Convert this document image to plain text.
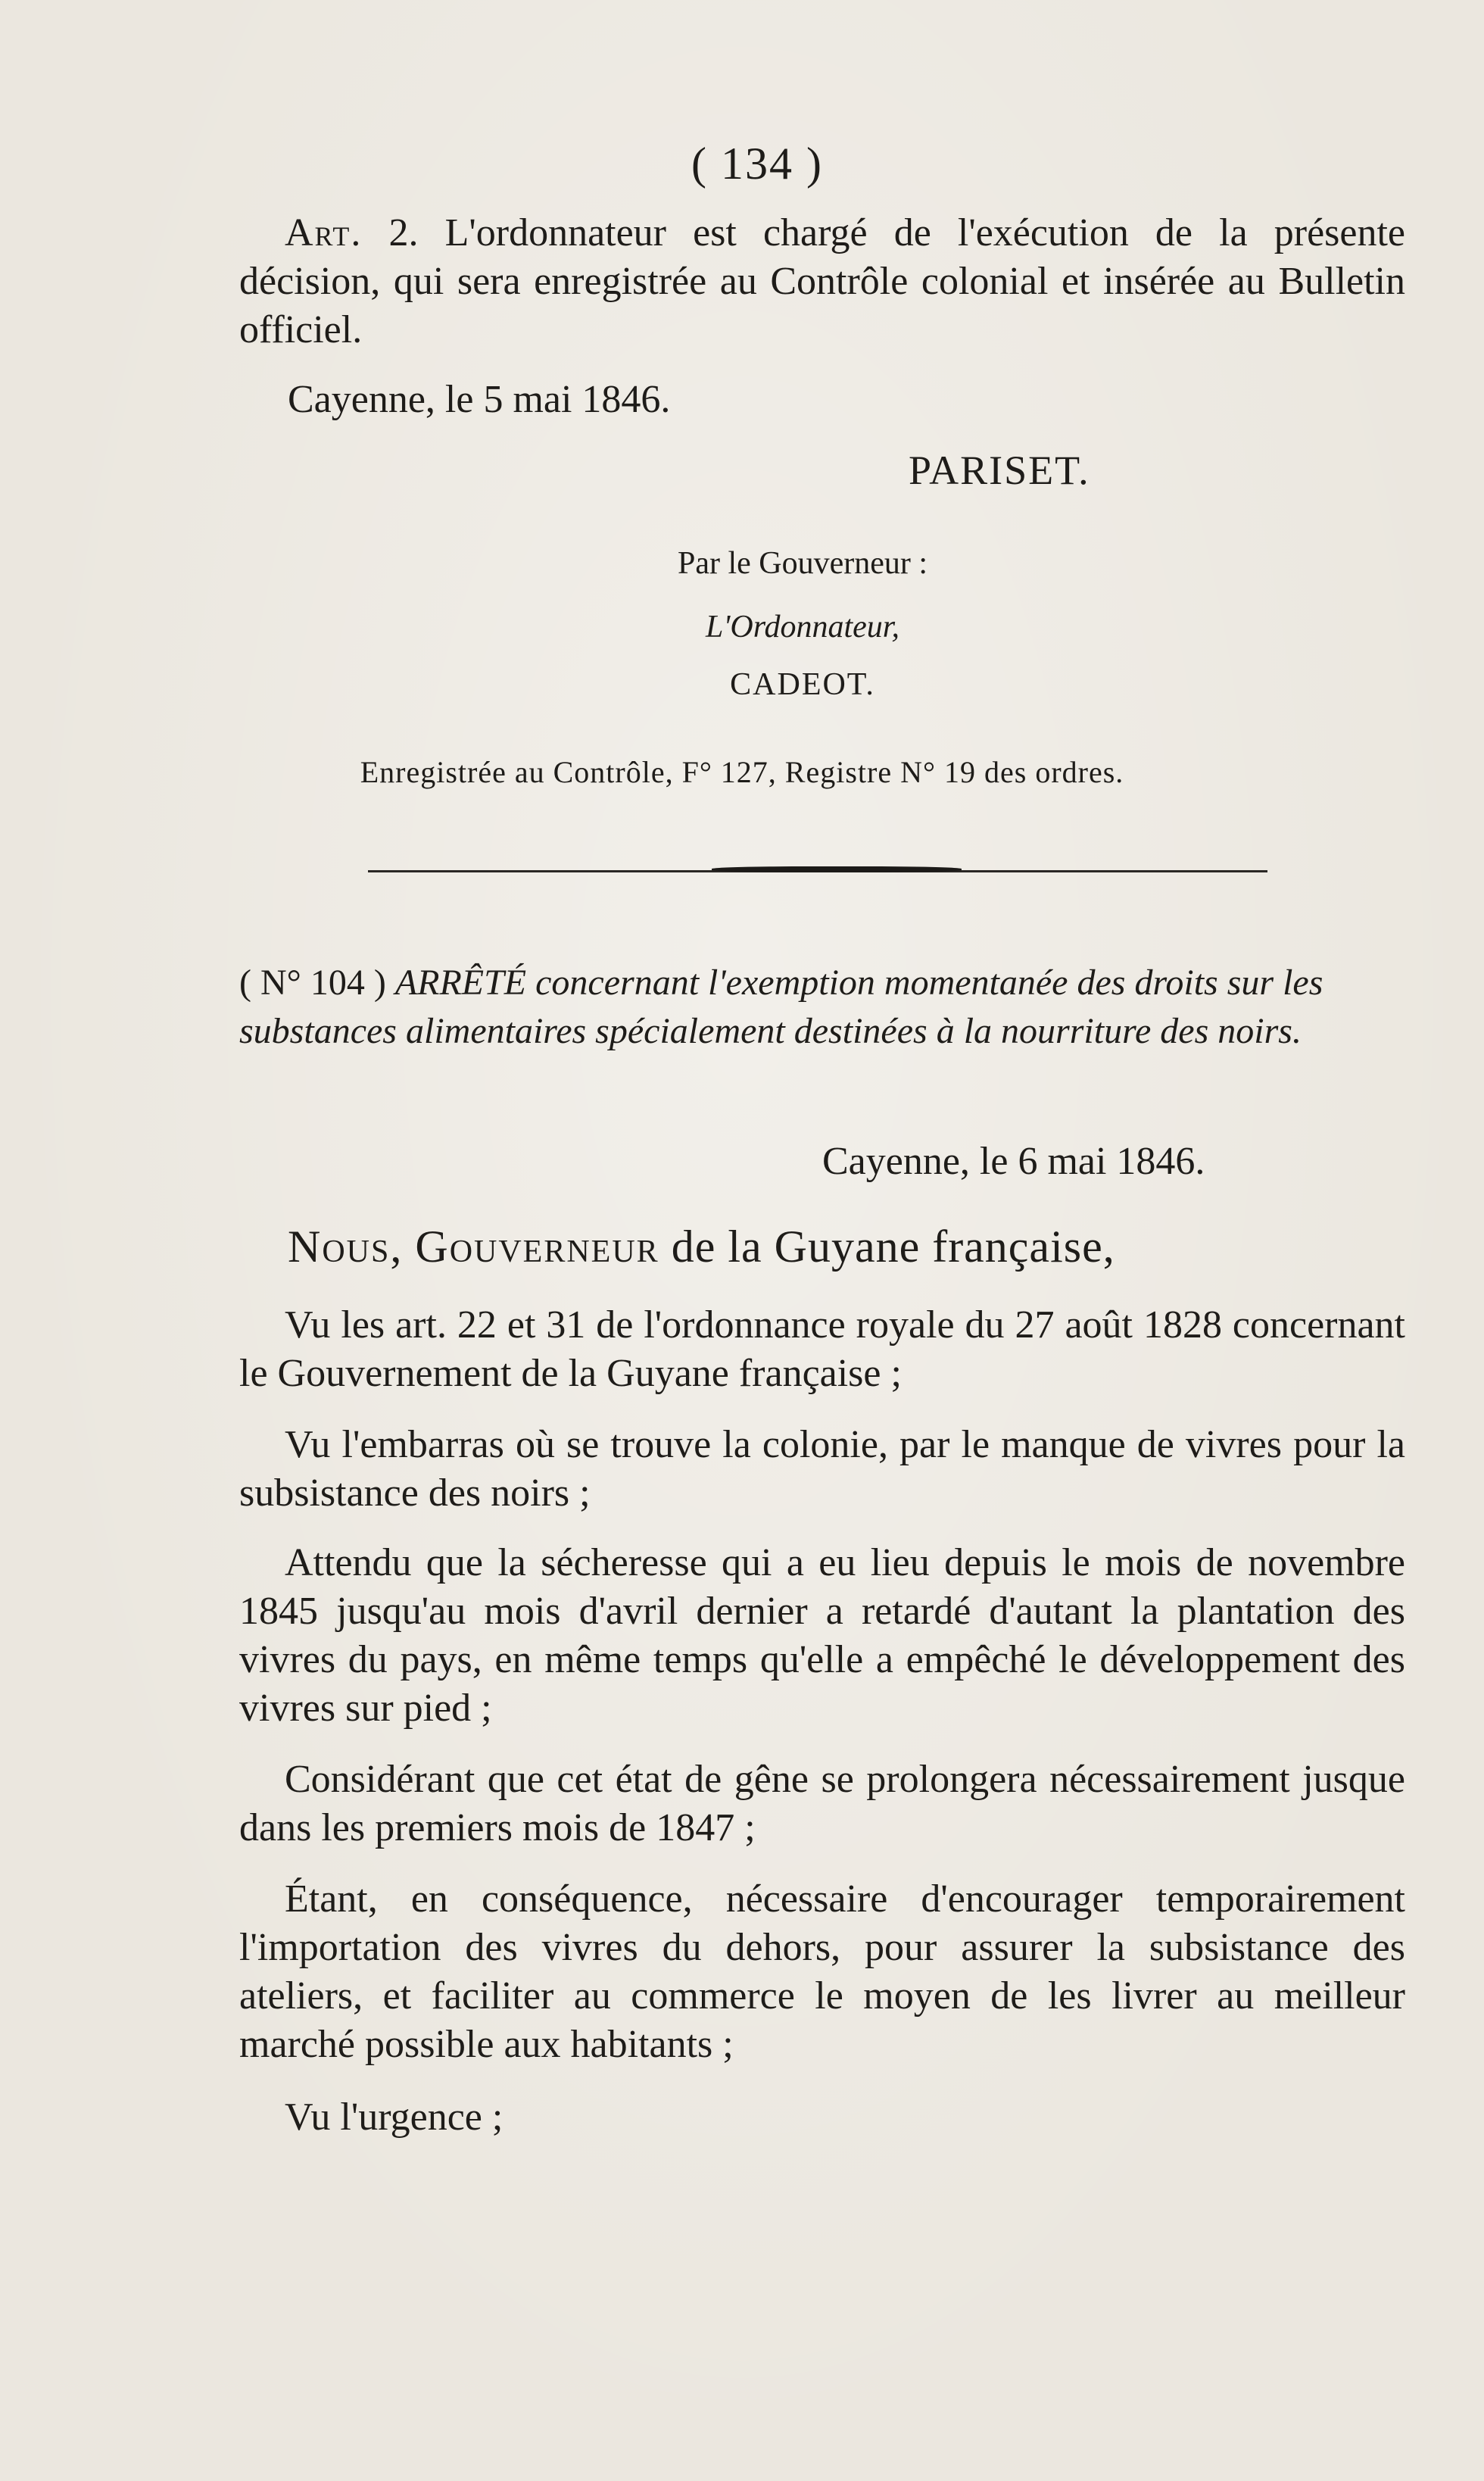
( 134 )

Art. 2. L'ordonnateur est chargé de l'exécution de la présente décision, qui sera enregistrée au Contrôle colonial et insérée au Bulletin officiel.

Cayenne, le 5 mai 1846.
PARISET.
Par le Gouverneur :
L'Ordonnateur,
CADEOT.
Enregistrée au Contrôle, F° 127, Registre N° 19 des ordres.
( N° 104 ) ARRÊTÉ concernant l'exemption momentanée des droits sur les substances alimentaires spécialement destinées à la nourriture des noirs.
Cayenne, le 6 mai 1846.
Nous, Gouverneur de la Guyane française,

Vu les art. 22 et 31 de l'ordonnance royale du 27 août 1828 concernant le Gouvernement de la Guyane française ;

Vu l'embarras où se trouve la colonie, par le manque de vivres pour la subsistance des noirs ;

Attendu que la sécheresse qui a eu lieu depuis le mois de novembre 1845 jusqu'au mois d'avril dernier a retardé d'autant la plantation des vivres du pays, en même temps qu'elle a empêché le développement des vivres sur pied ;

Considérant que cet état de gêne se prolongera nécessairement jusque dans les premiers mois de 1847 ;

Étant, en conséquence, nécessaire d'encourager temporairement l'importation des vivres du dehors, pour assurer la subsistance des ateliers, et faciliter au commerce le moyen de les livrer au meilleur marché possible aux habitants ;

Vu l'urgence ;
